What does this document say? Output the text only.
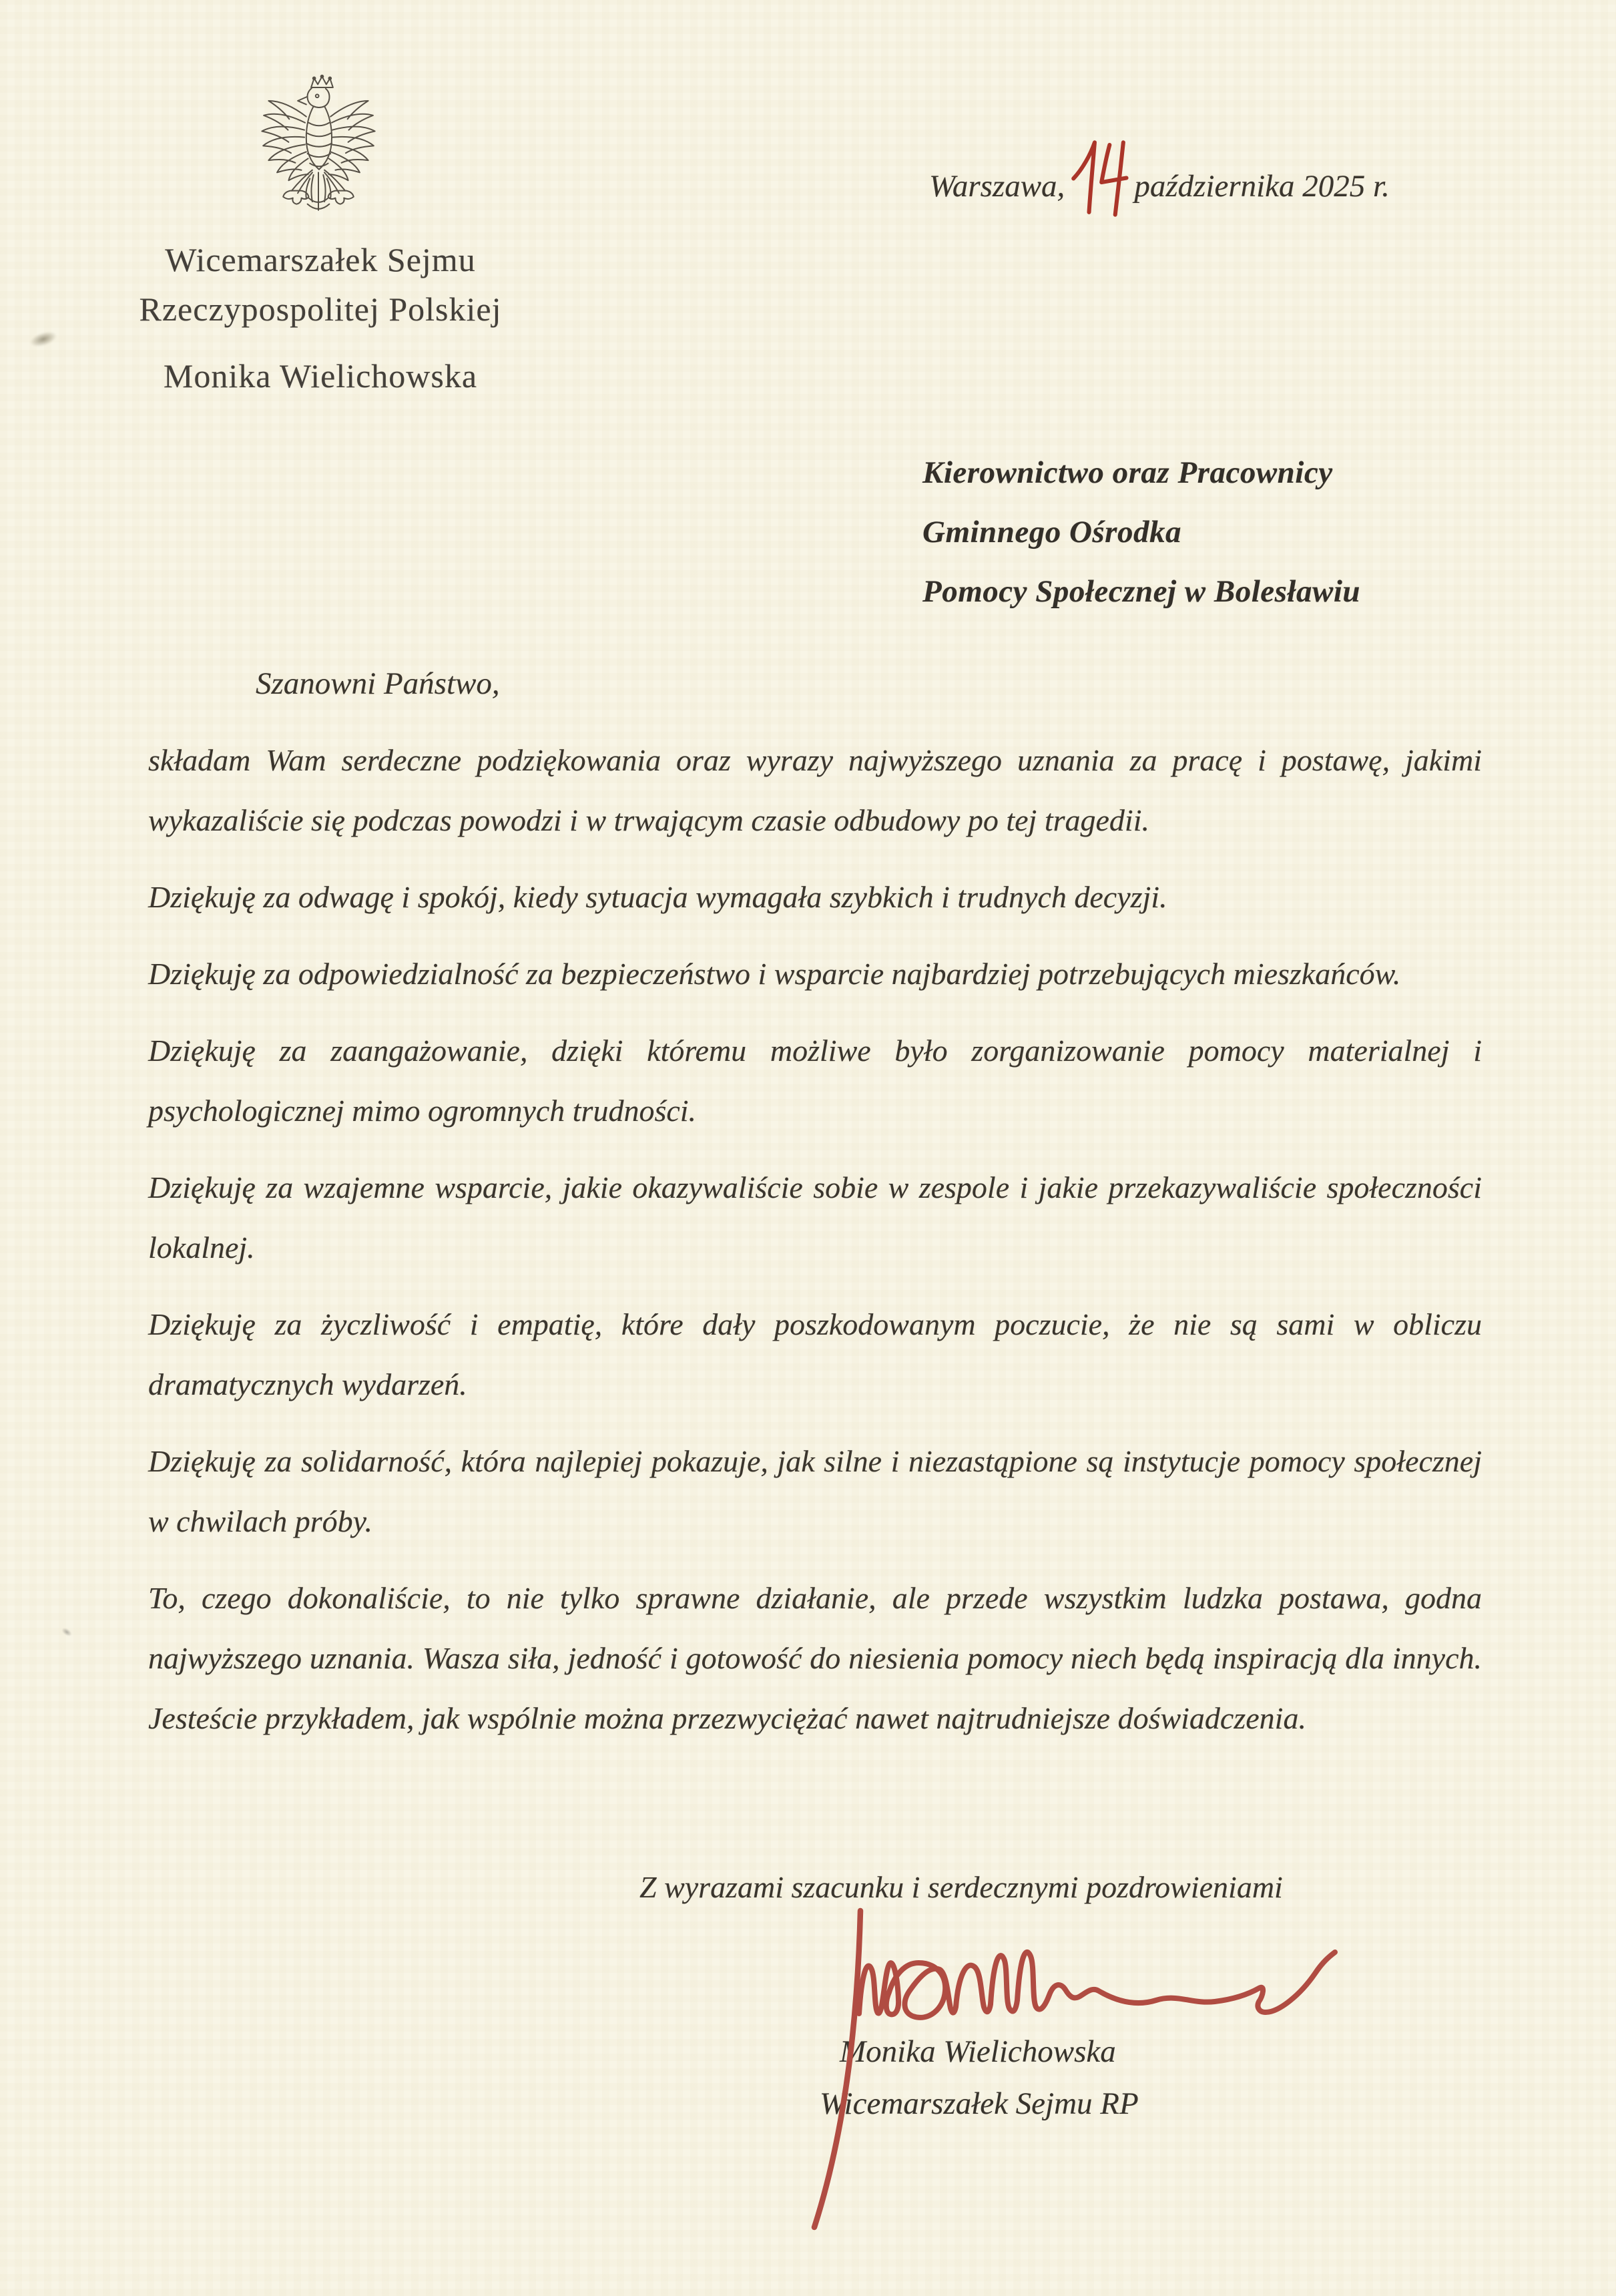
Wicemarszałek Sejmu
Rzeczypospolitej Polskiej
Monika Wielichowska
Warszawa, października 2025 r.
Kierownictwo oraz Pracownicy
Gminnego Ośrodka
Pomocy Społecznej w Bolesławiu
Szanowni Państwo,

składam Wam serdeczne podziękowania oraz wyrazy najwyższego uznania za pracę i postawę, jakimi wykazaliście się podczas powodzi i w trwającym czasie odbudowy po tej tragedii.

Dziękuję za odwagę i spokój, kiedy sytuacja wymagała szybkich i trudnych decyzji.

Dziękuję za odpowiedzialność za bezpieczeństwo i wsparcie najbardziej potrzebujących mieszkańców.

Dziękuję za zaangażowanie, dzięki któremu możliwe było zorganizowanie pomocy materialnej i psychologicznej mimo ogromnych trudności.

Dziękuję za wzajemne wsparcie, jakie okazywaliście sobie w zespole i jakie przekazywaliście społeczności lokalnej.

Dziękuję za życzliwość i empatię, które dały poszkodowanym poczucie, że nie są sami w obliczu dramatycznych wydarzeń.

Dziękuję za solidarność, która najlepiej pokazuje, jak silne i niezastąpione są instytucje pomocy społecznej w chwilach próby.

To, czego dokonaliście, to nie tylko sprawne działanie, ale przede wszystkim ludzka postawa, godna najwyższego uznania. Wasza siła, jedność i gotowość do niesienia pomocy niech będą inspiracją dla innych. Jesteście przykładem, jak wspólnie można przezwyciężać nawet najtrudniejsze doświadczenia.

Z wyrazami szacunku i serdecznymi pozdrowieniami
Monika Wielichowska
Wicemarszałek Sejmu RP
